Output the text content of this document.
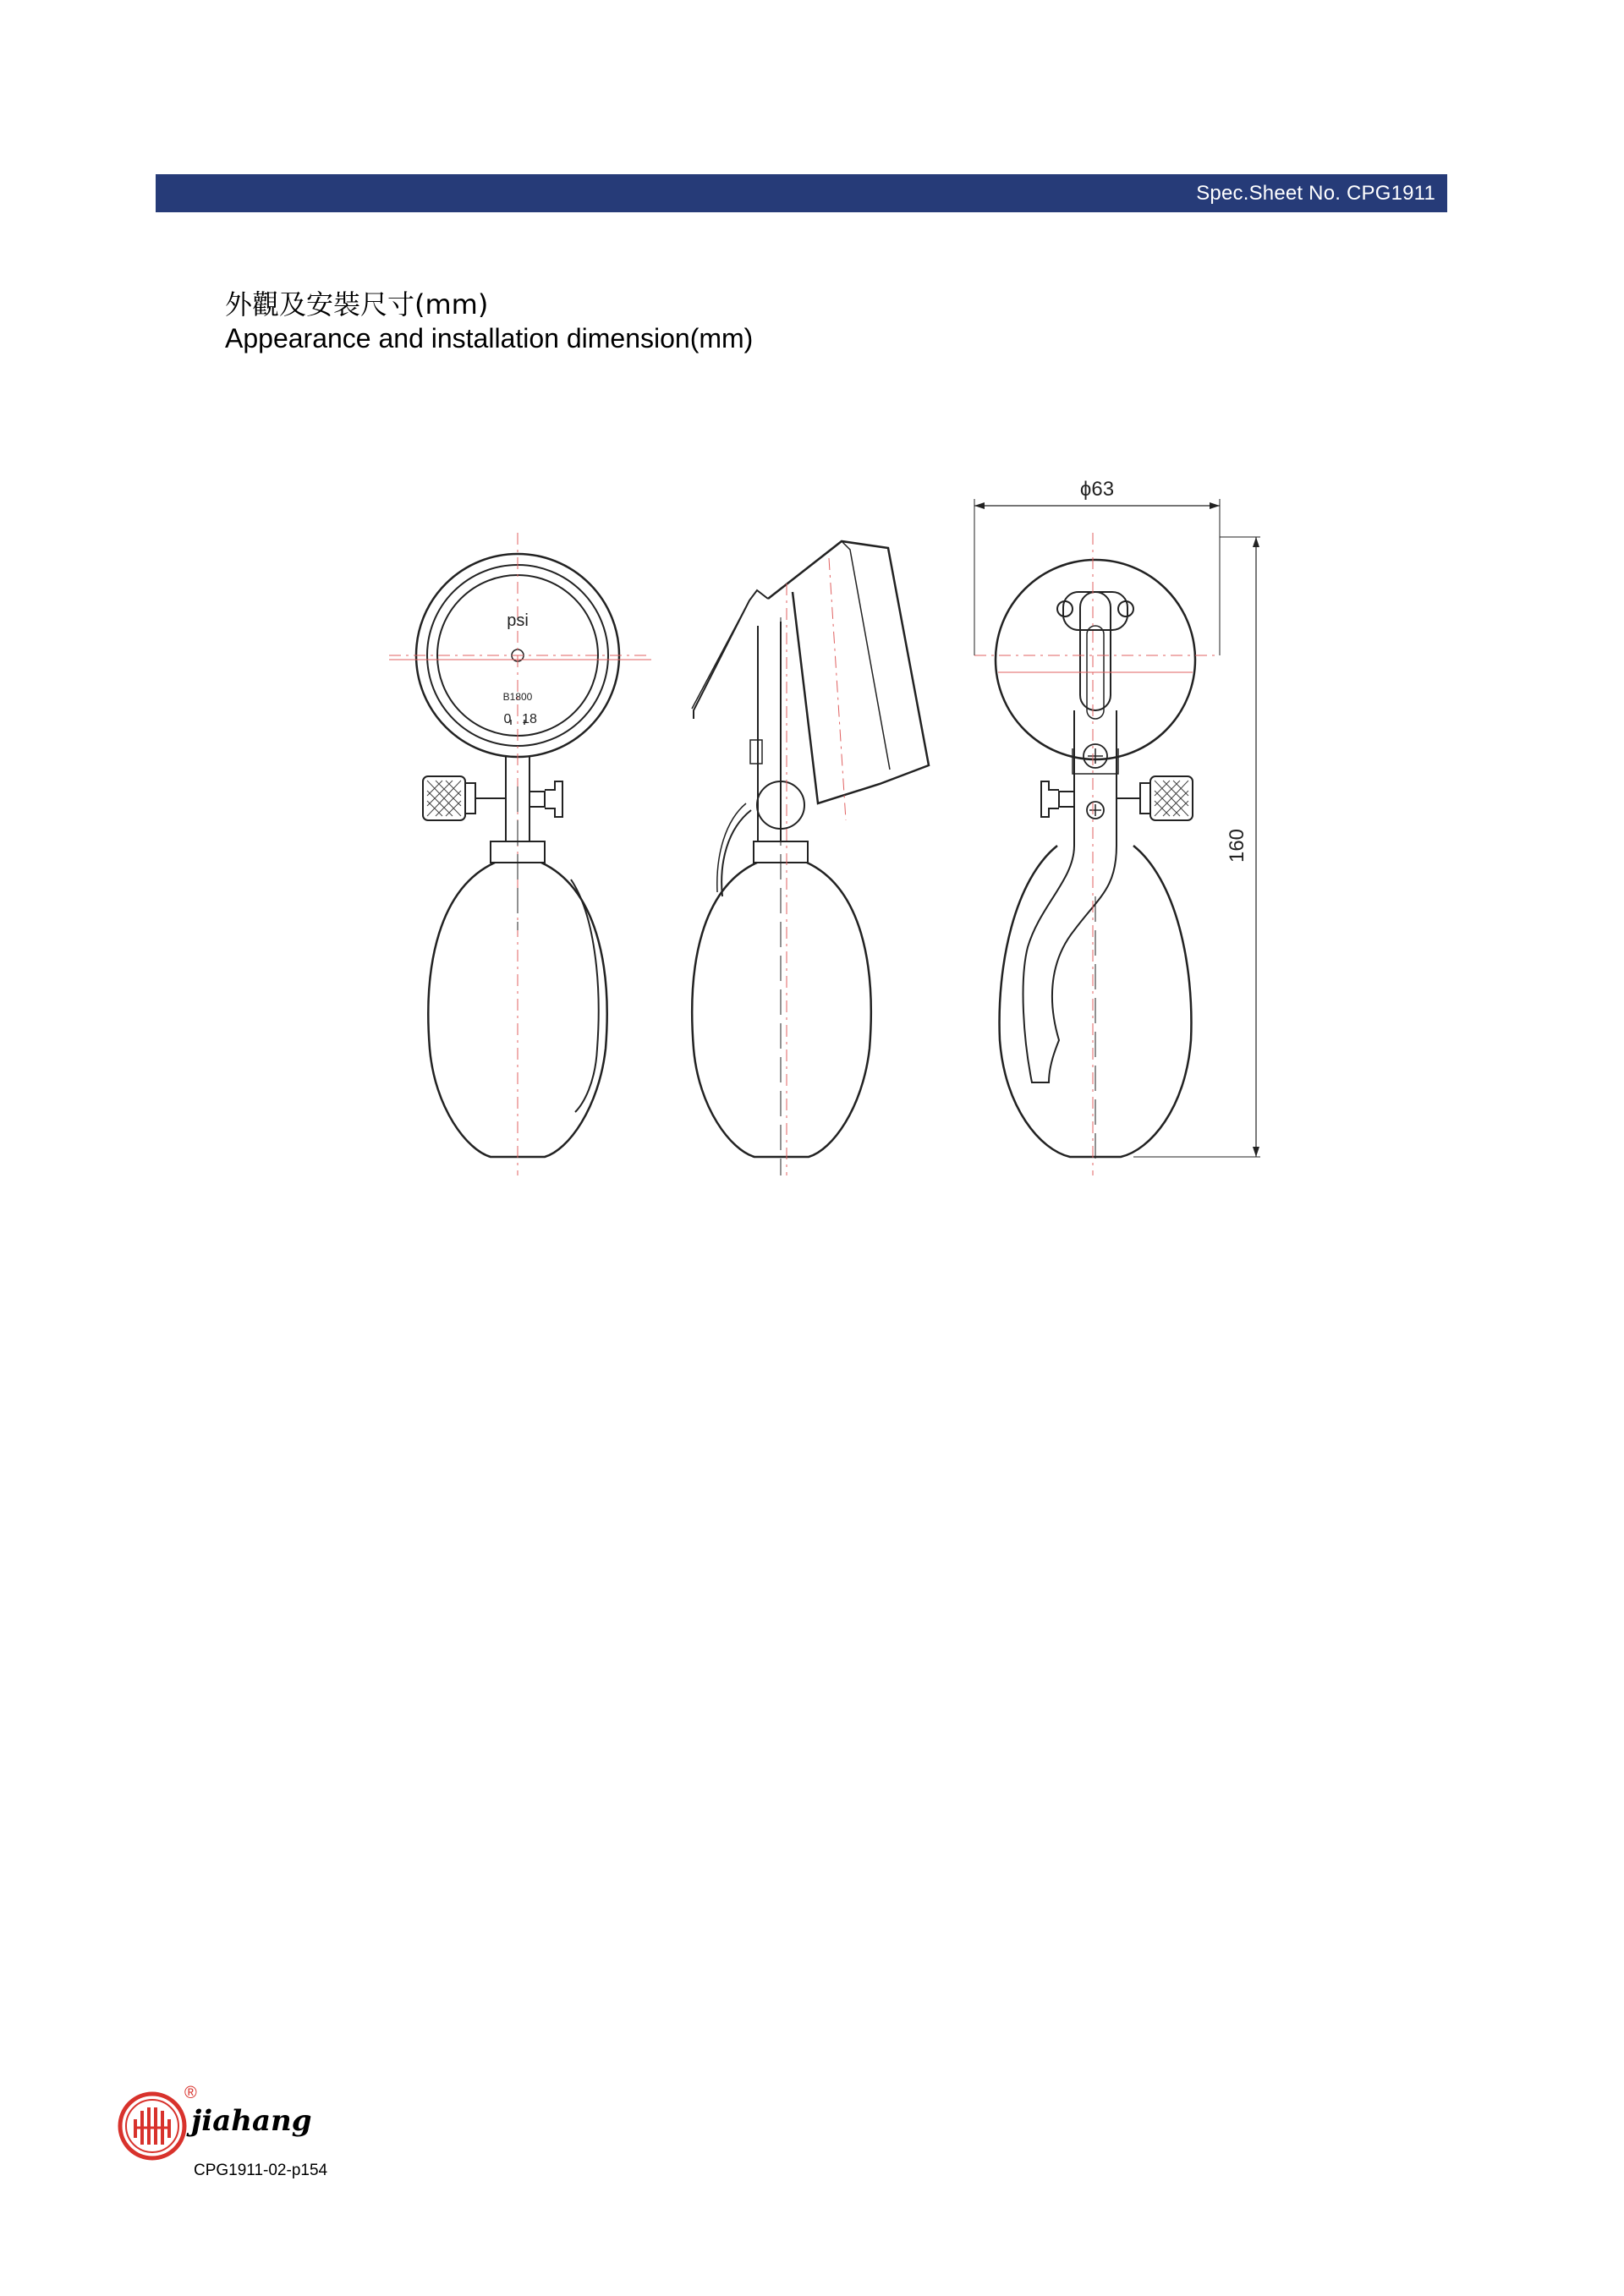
Spec.Sheet No. CPG1911
外觀及安裝尺寸(mm)
Appearance and installation dimension(mm)
psi
B1800
0 18
ϕ63
160
®
jiahang
CPG1911-02-p154
